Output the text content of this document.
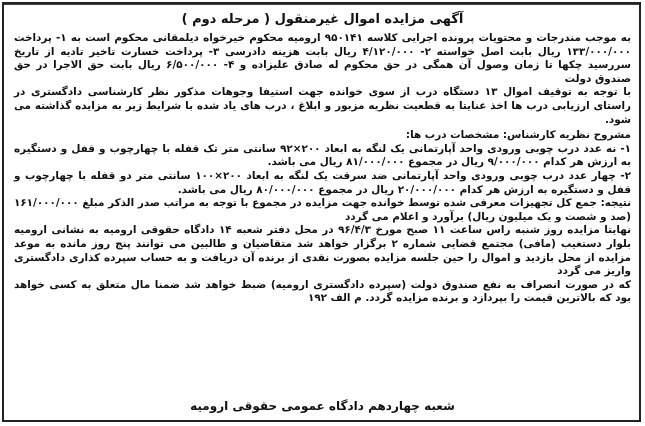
آگهی مزایده اموال غیرمنقول ( مرحله دوم )

به موجب مندرجات و محتویات پرونده اجرایی کلاسه ۹۵۰۱۴۱ ارومیه محکوم خیرخواه دیلمقانی محکوم است به ۱- پرداخت ۱۳۳/۰۰۰/۰۰۰ ریال بابت اصل خواسته ۲- ۴/۱۲۰/۰۰۰ ریال بابت هزینه دادرسی ۳- پرداخت خسارت تاخیر تادیه از تاریخ سررسید چکها تا زمان وصول آن همگی در حق محکوم له صادق علیزاده و ۴- ۶/۵۰۰/۰۰۰ ریال بابت حق الاجرا در حق صندوق دولت

با توجه به توقیف اموال ۱۳ دستگاه درب از سوی خوانده جهت استیفا وجوهات مذکور نظر کارشناسی دادگستری در راستای ارزیابی درب ها اخذ عنایتا به قطعیت نظریه مزبور و ابلاغ ، درب های یاد شده با شرایط زیر به مزایده گذاشته می شود.

مشروح نظریه کارشناس: مشخصات درب ها:

۱- نه عدد درب چوبی ورودی واحد آپارتمانی یک لنگه به ابعاد ۲۰۰×۹۲ سانتی متر تک قفله با چهارچوب و قفل و دستگیره به ارزش هر کدام ۹/۰۰۰/۰۰۰ ریال در مجموع ۸۱/۰۰۰/۰۰۰ ریال می باشد.

۲- چهار عدد درب چوبی ورودی واحد آپارتمانی ضد سرقت یک لنگه به ابعاد ۲۰۰×۱۰۰ سانتی متر دو قفله با چهارچوب و قفل و دستگیره به ارزش هر کدام ۲۰/۰۰۰/۰۰۰ ریال در مجموع ۸۰/۰۰۰/۰۰۰ ریال می باشد.

نتیجه: جمع کل تجهیزات معرفی شده توسط خوانده جهت مزایده در مجموع با توجه به مراتب صدر الذکر مبلغ ۱۶۱/۰۰۰/۰۰۰ (صد و شصت و یک میلیون ریال) برآورد و اعلام می گردد

نهایتا مزایده روز شنبه راس ساعت ۱۱ صبح مورخ ۹۶/۴/۳ در محل دفتر شعبه ۱۴ دادگاه حقوقی ارومیه به نشانی ارومیه بلوار دستغیب (مافی) مجتمع قضایی شماره ۲ برگزار خواهد شد متقاضیان و طالبین می توانند پنج روز مانده به موعد مزایده از محل بازدید و اموال را حین جلسه مزایده بصورت نقدی از برنده آن دریافت و به حساب سپرده کذاری دادگستری واریز می گردد

که در صورت انصراف به نفع صندوق دولت (سپرده دادگستری ارومیه) ضبط خواهد شد ضمنا مال متعلق به کسی خواهد بود که بالاترین قیمت را بپردازد و برنده مزایده گردد. م الف ۱۹۲

شعبه چهاردهم دادگاه عمومی حقوقی ارومیه
